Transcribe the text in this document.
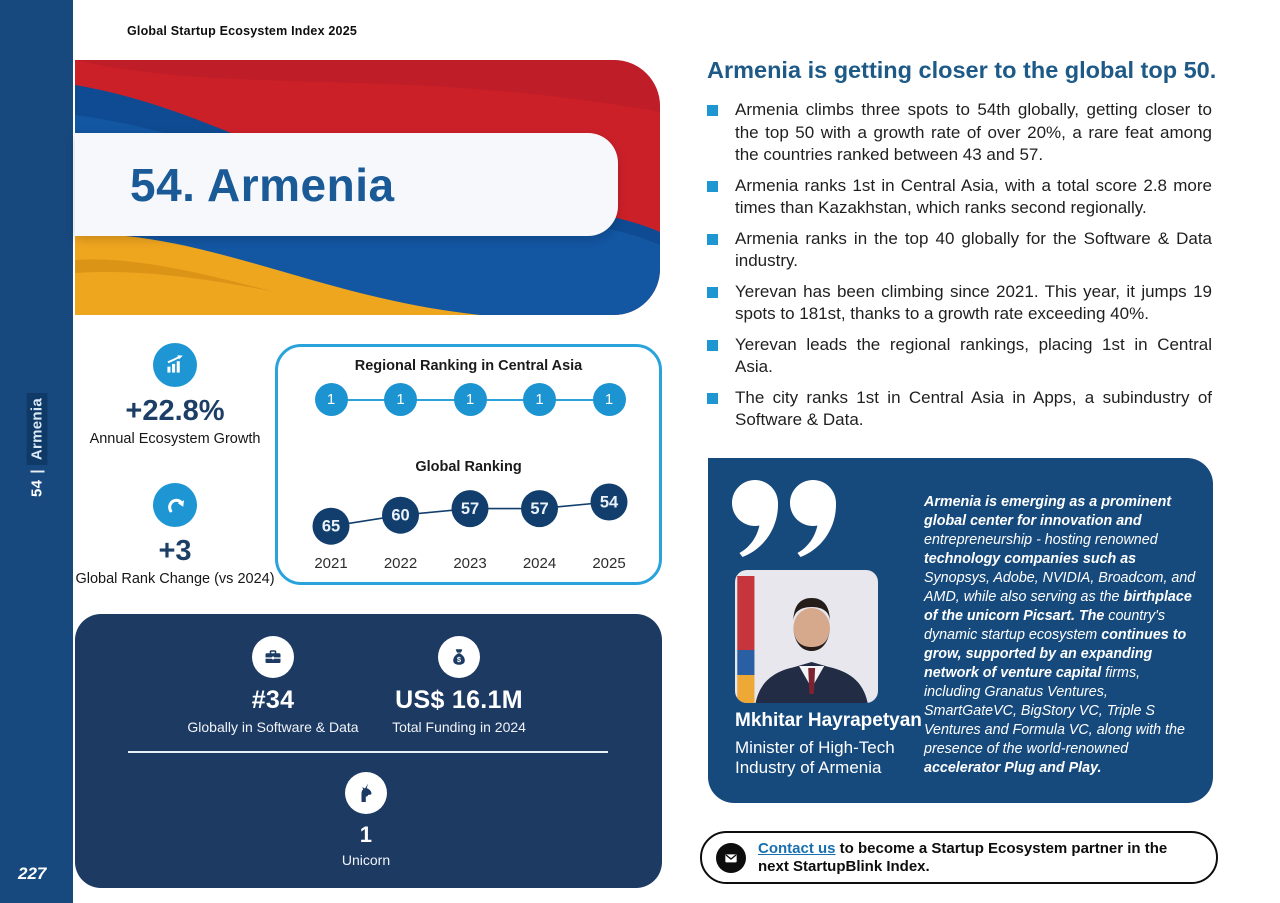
54|Armenia
227
Global Startup Ecosystem Index 2025
54. Armenia
+22.8%
Annual Ecosystem Growth
+3
Global Rank Change (vs 2024)
Regional Ranking in Central Asia
1	1	1	1	1
Global Ranking
65
60	57	57	54
2021	2022	2023	2024	2025
#34
Globally in Software & Data
$
US$ 16.1M
Total Funding in 2024
1
Unicorn
Armenia is getting closer to the global top 50.
Armenia climbs three spots to 54th globally, getting closer to the top 50 with a growth rate of over 20%, a rare feat among the countries ranked between 43 and 57.
Armenia ranks 1st in Central Asia, with a total score 2.8 more times than Kazakhstan, which ranks second regionally.
Armenia ranks in the top 40 globally for the Software & Data industry.
Yerevan has been climbing since 2021. This year, it jumps 19 spots to 181st, thanks to a growth rate exceeding 40%.
Yerevan leads the regional rankings, placing 1st in Central Asia.
The city ranks 1st in Central Asia in Apps, a subindustry of Software & Data.
Mkhitar Hayrapetyan
Minister of High-Tech
Industry of Armenia
Armenia is emerging as a prominent global center for innovation and entrepreneurship - hosting renowned technology companies such as Synopsys, Adobe, NVIDIA, Broadcom, and AMD, while also serving as the birthplace of the unicorn Picsart. The country's dynamic startup ecosystem continues to grow, supported by an expanding network of venture capital firms, including Granatus Ventures, SmartGateVC, BigStory VC, Triple S Ventures and Formula VC, along with the presence of the world-renowned accelerator Plug and Play.
Contact us to become a Startup Ecosystem partner in the next StartupBlink Index.
